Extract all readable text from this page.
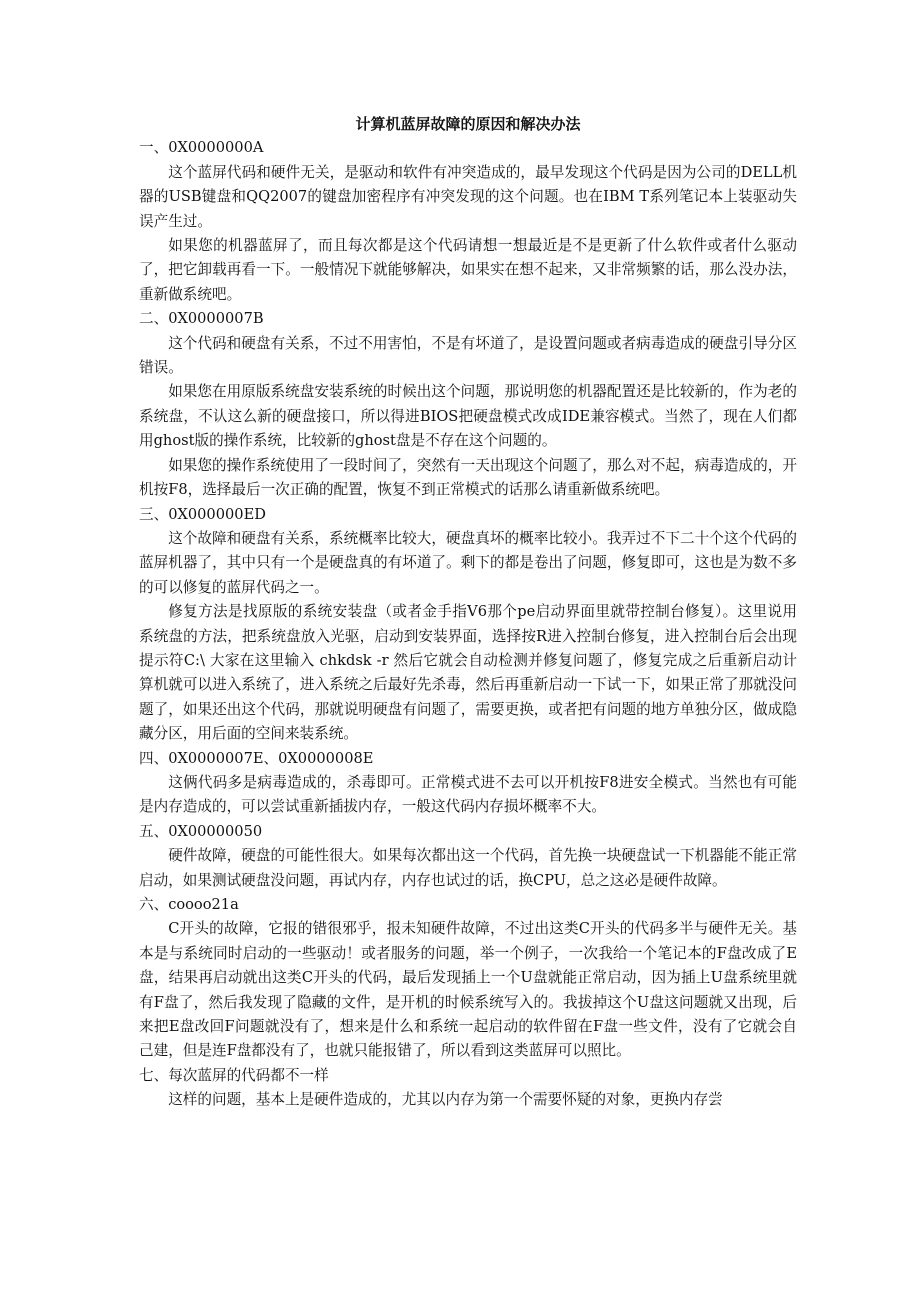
计算机蓝屏故障的原因和解决办法

一、0X0000000A

这个蓝屏代码和硬件无关，是驱动和软件有冲突造成的，最早发现这个代码是因为公司的DELL机器的USB键盘和QQ2007的键盘加密程序有冲突发现的这个问题。也在IBM T系列笔记本上装驱动失误产生过。

如果您的机器蓝屏了，而且每次都是这个代码请想一想最近是不是更新了什么软件或者什么驱动了，把它卸载再看一下。一般情况下就能够解决，如果实在想不起来，又非常频繁的话，那么没办法，重新做系统吧。

二、0X0000007B

这个代码和硬盘有关系，不过不用害怕，不是有坏道了，是设置问题或者病毒造成的硬盘引导分区错误。

如果您在用原版系统盘安装系统的时候出这个问题，那说明您的机器配置还是比较新的，作为老的系统盘，不认这么新的硬盘接口，所以得进BIOS把硬盘模式改成IDE兼容模式。当然了，现在人们都用ghost版的操作系统，比较新的ghost盘是不存在这个问题的。

如果您的操作系统使用了一段时间了，突然有一天出现这个问题了，那么对不起，病毒造成的，开机按F8，选择最后一次正确的配置，恢复不到正常模式的话那么请重新做系统吧。

三、0X000000ED

这个故障和硬盘有关系，系统概率比较大，硬盘真坏的概率比较小。我弄过不下二十个这个代码的蓝屏机器了，其中只有一个是硬盘真的有坏道了。剩下的都是卷出了问题，修复即可，这也是为数不多的可以修复的蓝屏代码之一。

修复方法是找原版的系统安装盘（或者金手指V6那个pe启动界面里就带控制台修复）。这里说用系统盘的方法，把系统盘放入光驱，启动到安装界面，选择按R进入控制台修复，进入控制台后会出现提示符C:\ 大家在这里输入 chkdsk -r 然后它就会自动检测并修复问题了，修复完成之后重新启动计算机就可以进入系统了，进入系统之后最好先杀毒，然后再重新启动一下试一下，如果正常了那就没问题了，如果还出这个代码，那就说明硬盘有问题了，需要更换，或者把有问题的地方单独分区，做成隐藏分区，用后面的空间来装系统。

四、0X0000007E、0X0000008E

这俩代码多是病毒造成的，杀毒即可。正常模式进不去可以开机按F8进安全模式。当然也有可能是内存造成的，可以尝试重新插拔内存，一般这代码内存损坏概率不大。

五、0X00000050

硬件故障，硬盘的可能性很大。如果每次都出这一个代码，首先换一块硬盘试一下机器能不能正常启动，如果测试硬盘没问题，再试内存，内存也试过的话，换CPU，总之这必是硬件故障。

六、coooo21a

C开头的故障，它报的错很邪乎，报未知硬件故障，不过出这类C开头的代码多半与硬件无关。基本是与系统同时启动的一些驱动！或者服务的问题，举一个例子，一次我给一个笔记本的F盘改成了E盘，结果再启动就出这类C开头的代码，最后发现插上一个U盘就能正常启动，因为插上U盘系统里就有F盘了，然后我发现了隐藏的文件，是开机的时候系统写入的。我拔掉这个U盘这问题就又出现，后来把E盘改回F问题就没有了，想来是什么和系统一起启动的软件留在F盘一些文件，没有了它就会自己建，但是连F盘都没有了，也就只能报错了，所以看到这类蓝屏可以照比。

七、每次蓝屏的代码都不一样

这样的问题，基本上是硬件造成的，尤其以内存为第一个需要怀疑的对象，更换内存尝
